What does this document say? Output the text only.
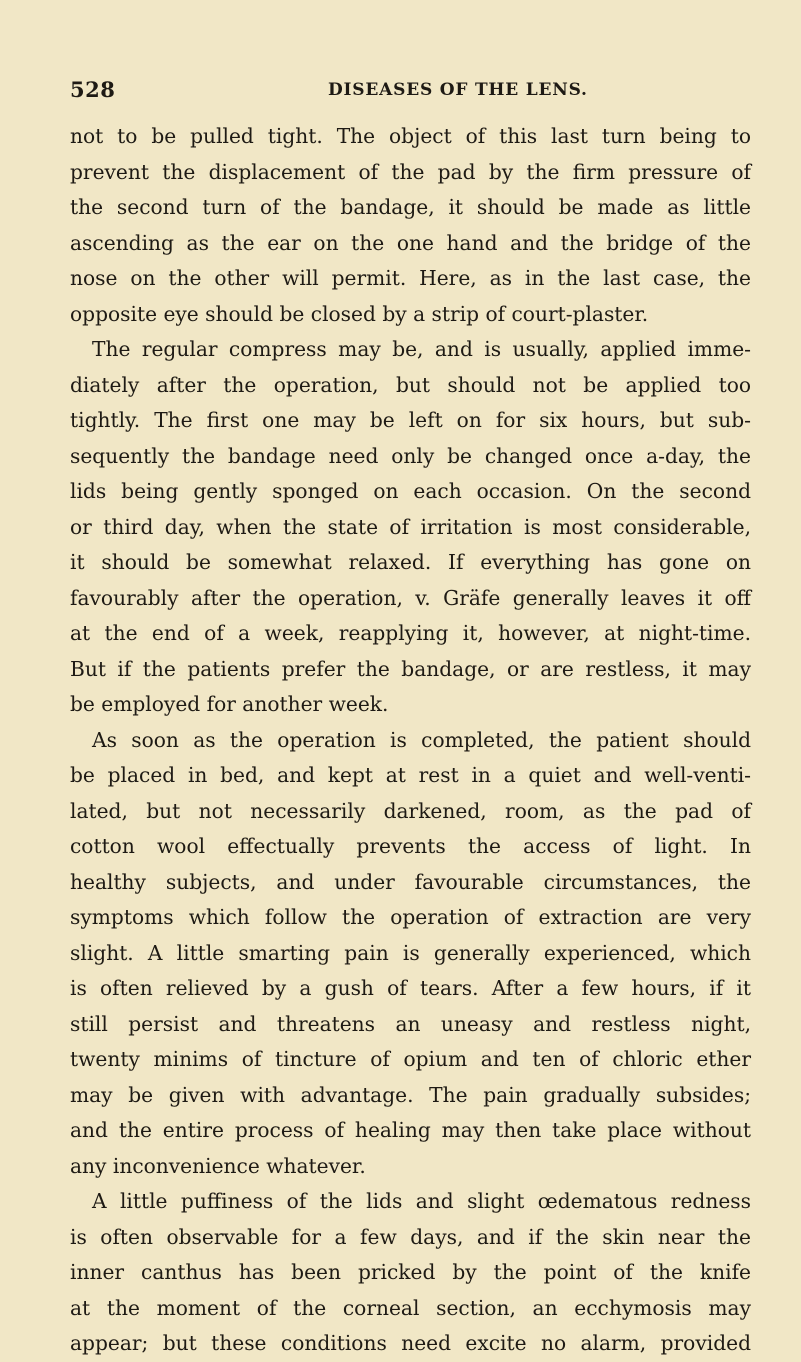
528	DISEASES OF THE LENS.
not to be pulled tight. The object of this last turn being to
prevent the displacement of the pad by the firm pressure of
the second turn of the bandage, it should be made as little
ascending as the ear on the one hand and the bridge of the
nose on the other will permit. Here, as in the last case, the
opposite eye should be closed by a strip of court-plaster.
The regular compress may be, and is usually, applied imme-
diately after the operation, but should not be applied too
tightly. The first one may be left on for six hours, but sub-
sequently the bandage need only be changed once a-day, the
lids being gently sponged on each occasion. On the second
or third day, when the state of irritation is most considerable,
it should be somewhat relaxed. If everything has gone on
favourably after the operation, v. Gräfe generally leaves it off
at the end of a week, reapplying it, however, at night-time.
But if the patients prefer the bandage, or are restless, it may
be employed for another week.
As soon as the operation is completed, the patient should
be placed in bed, and kept at rest in a quiet and well-venti-
lated, but not necessarily darkened, room, as the pad of
cotton wool effectually prevents the access of light. In
healthy subjects, and under favourable circumstances, the
symptoms which follow the operation of extraction are very
slight. A little smarting pain is generally experienced, which
is often relieved by a gush of tears. After a few hours, if it
still persist and threatens an uneasy and restless night,
twenty minims of tincture of opium and ten of chloric ether
may be given with advantage. The pain gradually subsides;
and the entire process of healing may then take place without
any inconvenience whatever.
A little puffiness of the lids and slight œdematous redness
is often observable for a few days, and if the skin near the
inner canthus has been pricked by the point of the knife
at the moment of the corneal section, an ecchymosis may
appear; but these conditions need excite no alarm, provided
